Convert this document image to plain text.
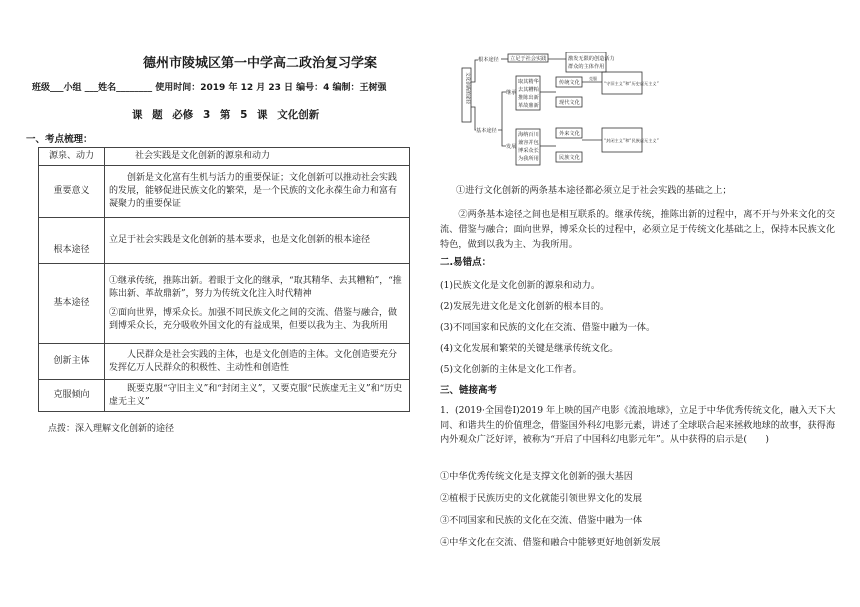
德州市陵城区第一中学高二政治复习学案
班级___小组 ___姓名________ 使用时间：2019 年 12 月 23 日 编号：4 编制：王树强
课 题 必修 3 第 5 课 文化创新
一、考点梳理：
源泉、动力	社会实践是文化创新的源泉和动力
重要意义	创新是文化富有生机与活力的重要保证；文化创新可以推动社会实践的发展，能够促进民族文化的繁荣，是一个民族的文化永葆生命力和富有凝聚力的重要保证
根本途径	立足于社会实践是文化创新的基本要求，也是文化创新的根本途径
基本途径	①继承传统，推陈出新。着眼于文化的继承，“取其精华、去其糟粕”，“推陈出新、革故鼎新”，努力为传统文化注入时代精神
②面向世界，博采众长。加强不同民族文化之间的交流、借鉴与融合，做到博采众长，充分吸收外国文化的有益成果，但要以我为主、为我所用

创新主体	人民群众是社会实践的主体，也是文化创造的主体。文化创造要充分发挥亿万人民群众的积极性、主动性和创造性
克服倾向	既要克服“守旧主义”和“封闭主义”，又要克服“民族虚无主义”和“历史虚无主义”
点拨：深入理解文化创新的途径
文化创新的途径
根本途径
基本途径
立足于社会实践	激发无限的创造活力
群众的主体作用
继承
取其精华
去其糟粕
推陈出新
革故鼎新
传统文化
现代文化
克服
“守旧主义”和“历史虚无主义”
发展
海纳百川
兼容并包
博采众长
为我所用
外来文化
民族文化
“封闭主义”和“民族虚无主义”
①进行文化创新的两条基本途径都必须立足于社会实践的基础之上；
②两条基本途径之间也是相互联系的。继承传统，推陈出新的过程中，离不开与外来文化的交流、借鉴与融合；面向世界，博采众长的过程中，必须立足于传统文化基础之上，保持本民族文化特色，做到以我为主、为我所用。
二.易错点：
(1)民族文化是文化创新的源泉和动力。
(2)发展先进文化是文化创新的根本目的。
(3)不同国家和民族的文化在交流、借鉴中融为一体。
(4)文化发展和繁荣的关键是继承传统文化。
(5)文化创新的主体是文化工作者。
三、链接高考
1．(2019·全国卷Ⅰ)2019 年上映的国产电影《流浪地球》，立足于中华优秀传统文化，融入天下大同、和谐共生的价值理念，借鉴国外科幻电影元素，讲述了全球联合起来拯救地球的故事，获得海内外观众广泛好评，被称为“开启了中国科幻电影元年”。从中获得的启示是(　　)
①中华优秀传统文化是支撑文化创新的强大基因
②植根于民族历史的文化就能引领世界文化的发展
③不同国家和民族的文化在交流、借鉴中融为一体
④中华文化在交流、借鉴和融合中能够更好地创新发展
